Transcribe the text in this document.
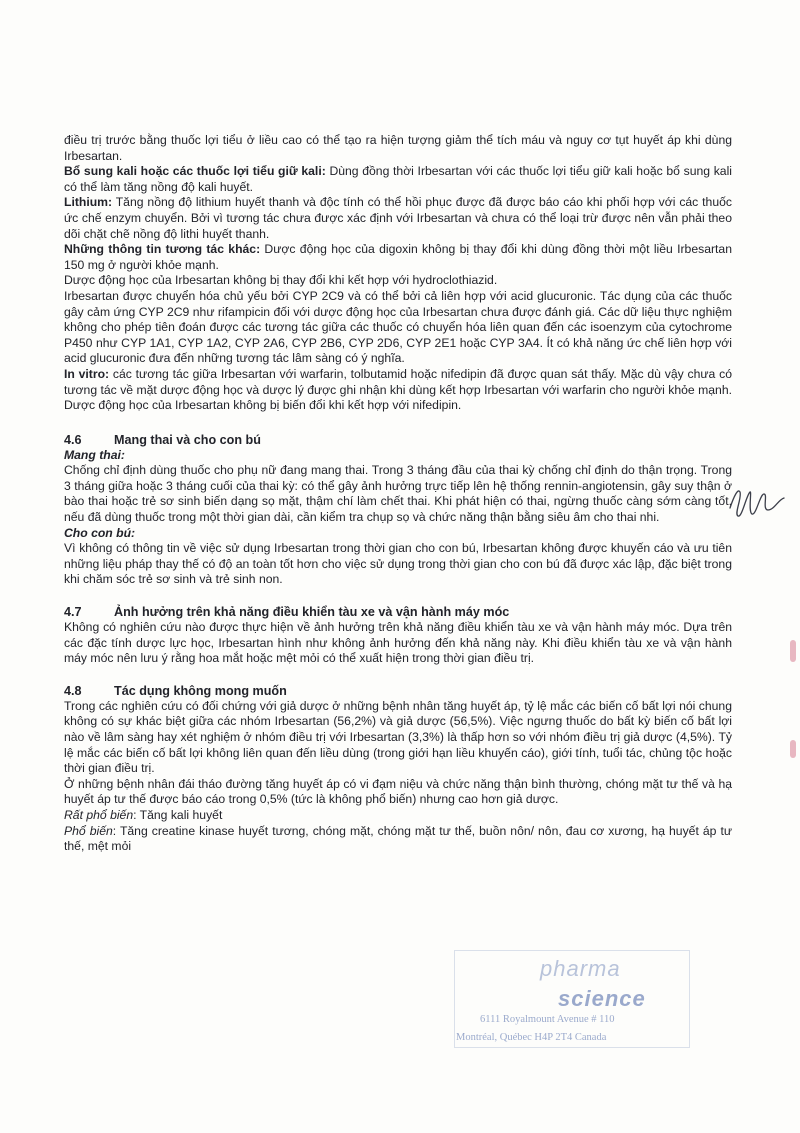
điều trị trước bằng thuốc lợi tiểu ở liều cao có thể tạo ra hiện tượng giảm thể tích máu và nguy cơ tụt huyết áp khi dùng Irbesartan.

Bổ sung kali hoặc các thuốc lợi tiểu giữ kali: Dùng đồng thời Irbesartan với các thuốc lợi tiểu giữ kali hoặc bổ sung kali có thể làm tăng nồng độ kali huyết.

Lithium: Tăng nồng độ lithium huyết thanh và độc tính có thể hồi phục được đã được báo cáo khi phối hợp với các thuốc ức chế enzym chuyển. Bởi vì tương tác chưa được xác định với Irbesartan và chưa có thể loại trừ được nên vẫn phải theo dõi chặt chẽ nồng độ lithi huyết thanh.

Những thông tin tương tác khác: Dược động học của digoxin không bị thay đổi khi dùng đồng thời một liều Irbesartan 150 mg ở người khỏe mạnh.

Dược động học của Irbesartan không bị thay đổi khi kết hợp với hydroclothiazid.

Irbesartan được chuyển hóa chủ yếu bởi CYP 2C9 và có thể bởi cả liên hợp với acid glucuronic. Tác dụng của các thuốc gây cảm ứng CYP 2C9 như rifampicin đối với dược động học của Irbesartan chưa được đánh giá. Các dữ liệu thực nghiệm không cho phép tiên đoán được các tương tác giữa các thuốc có chuyển hóa liên quan đến các isoenzym của cytochrome P450 như CYP 1A1, CYP 1A2, CYP 2A6, CYP 2B6, CYP 2D6, CYP 2E1 hoặc CYP 3A4. Ít có khả năng ức chế liên hợp với acid glucuronic đưa đến những tương tác lâm sàng có ý nghĩa.

In vitro: các tương tác giữa Irbesartan với warfarin, tolbutamid hoặc nifedipin đã được quan sát thấy. Mặc dù vậy chưa có tương tác về mặt dược động học và dược lý được ghi nhận khi dùng kết hợp Irbesartan với warfarin cho người khỏe mạnh. Dược động học của Irbesartan không bị biến đổi khi kết hợp với nifedipin.

4.6	Mang thai và cho con bú

Mang thai:

Chống chỉ định dùng thuốc cho phụ nữ đang mang thai. Trong 3 tháng đầu của thai kỳ chống chỉ định do thận trọng. Trong 3 tháng giữa hoặc 3 tháng cuối của thai kỳ: có thể gây ảnh hưởng trực tiếp lên hệ thống rennin-angiotensin, gây suy thận ở bào thai hoặc trẻ sơ sinh biến dạng sọ mặt, thậm chí làm chết thai. Khi phát hiện có thai, ngừng thuốc càng sớm càng tốt, nếu đã dùng thuốc trong một thời gian dài, cần kiểm tra chụp sọ và chức năng thận bằng siêu âm cho thai nhi.

Cho con bú:

Vì không có thông tin về việc sử dụng Irbesartan trong thời gian cho con bú, Irbesartan không được khuyến cáo và ưu tiên những liệu pháp thay thế có độ an toàn tốt hơn cho việc sử dụng trong thời gian cho con bú đã được xác lập, đặc biệt trong khi chăm sóc trẻ sơ sinh và trẻ sinh non.

4.7	Ảnh hưởng trên khả năng điều khiển tàu xe và vận hành máy móc

Không có nghiên cứu nào được thực hiện về ảnh hưởng trên khả năng điều khiển tàu xe và vận hành máy móc. Dựa trên các đặc tính dược lực học, Irbesartan hình như không ảnh hưởng đến khả năng này. Khi điều khiển tàu xe và vận hành máy móc nên lưu ý rằng hoa mắt hoặc mệt mỏi có thể xuất hiện trong thời gian điều trị.

4.8	Tác dụng không mong muốn

Trong các nghiên cứu có đối chứng với giả dược ở những bệnh nhân tăng huyết áp, tỷ lệ mắc các biến cố bất lợi nói chung không có sự khác biệt giữa các nhóm Irbesartan (56,2%) và giả dược (56,5%). Việc ngưng thuốc do bất kỳ biến cố bất lợi nào về lâm sàng hay xét nghiệm ở nhóm điều trị với Irbesartan (3,3%) là thấp hơn so với nhóm điều trị giả dược (4,5%). Tỷ lệ mắc các biến cố bất lợi không liên quan đến liều dùng (trong giới hạn liều khuyến cáo), giới tính, tuổi tác, chủng tộc hoặc thời gian điều trị.

Ở những bệnh nhân đái tháo đường tăng huyết áp có vi đạm niệu và chức năng thận bình thường, chóng mặt tư thế và hạ huyết áp tư thế được báo cáo trong 0,5% (tức là không phổ biến) nhưng cao hơn giả dược.

Rất phổ biến: Tăng kali huyết

Phổ biến: Tăng creatine kinase huyết tương, chóng mặt, chóng mặt tư thế, buồn nôn/ nôn, đau cơ xương, hạ huyết áp tư thế, mệt mỏi

pharma
science
6111 Royalmount Avenue # 110
Montréal, Québec H4P 2T4 Canada
